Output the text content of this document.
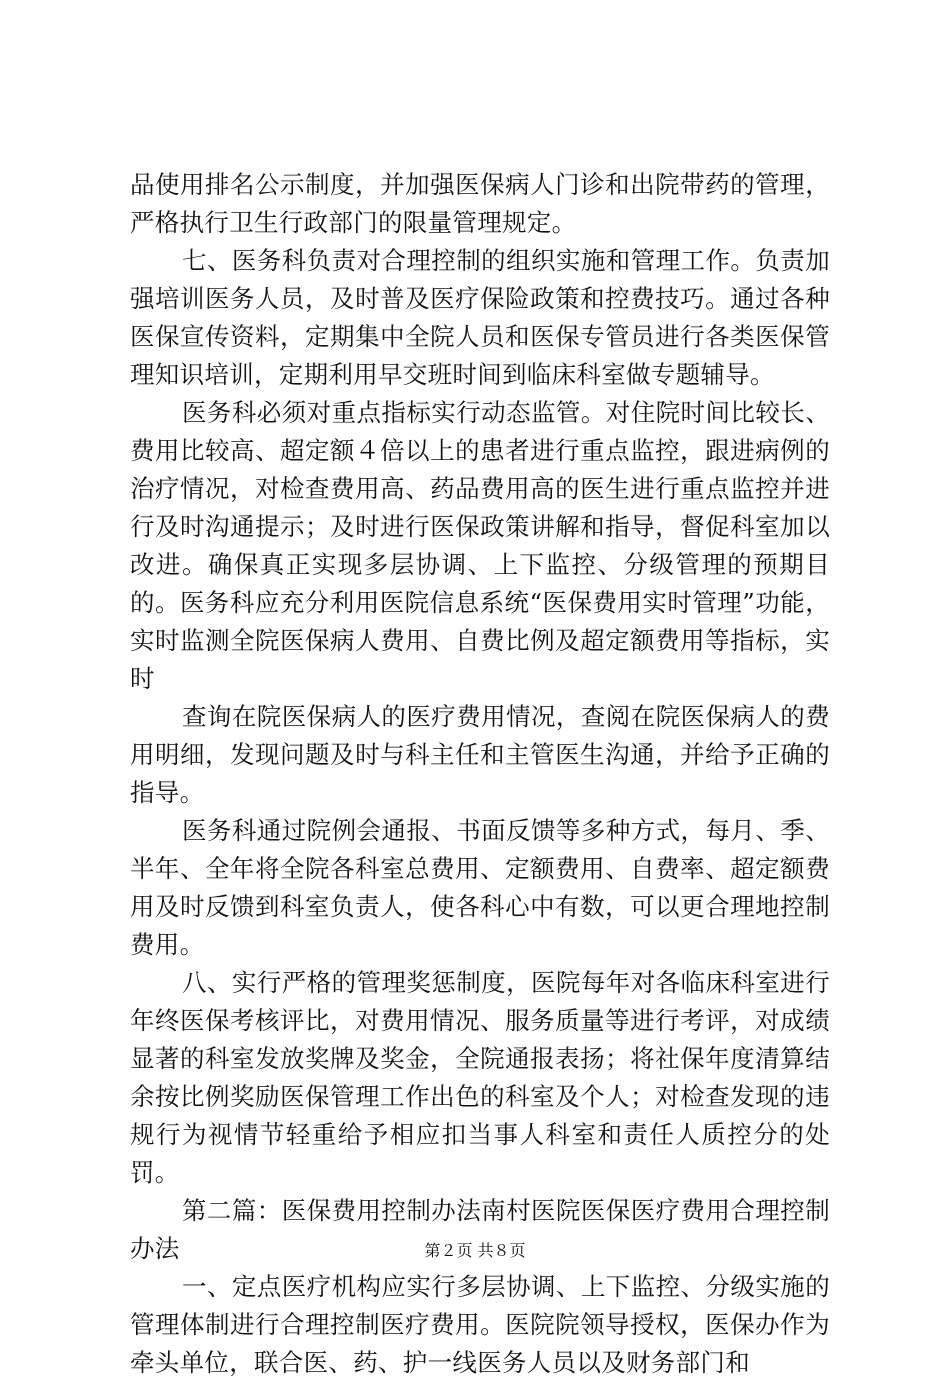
品使用排名公示制度，并加强医保病人门诊和出院带药的管理，严格执行卫生行政部门的限量管理规定。

七、医务科负责对合理控制的组织实施和管理工作。负责加强培训医务人员，及时普及医疗保险政策和控费技巧。通过各种医保宣传资料，定期集中全院人员和医保专管员进行各类医保管理知识培训，定期利用早交班时间到临床科室做专题辅导。

医务科必须对重点指标实行动态监管。对住院时间比较长、费用比较高、超定额４倍以上的患者进行重点监控，跟进病例的治疗情况，对检查费用高、药品费用高的医生进行重点监控并进行及时沟通提示；及时进行医保政策讲解和指导，督促科室加以改进。确保真正实现多层协调、上下监控、分级管理的预期目的。医务科应充分利用医院信息系统“医保费用实时管理”功能，实时监测全院医保病人费用、自费比例及超定额费用等指标，实时

查询在院医保病人的医疗费用情况，查阅在院医保病人的费用明细，发现问题及时与科主任和主管医生沟通，并给予正确的指导。

医务科通过院例会通报、书面反馈等多种方式，每月、季、半年、全年将全院各科室总费用、定额费用、自费率、超定额费用及时反馈到科室负责人，使各科心中有数，可以更合理地控制费用。

八、实行严格的管理奖惩制度，医院每年对各临床科室进行年终医保考核评比，对费用情况、服务质量等进行考评，对成绩显著的科室发放奖牌及奖金，全院通报表扬；将社保年度清算结余按比例奖励医保管理工作出色的科室及个人；对检查发现的违规行为视情节轻重给予相应扣当事人科室和责任人质控分的处罚。

第二篇：医保费用控制办法南村医院医保医疗费用合理控制办法

一、定点医疗机构应实行多层协调、上下监控、分级实施的管理体制进行合理控制医疗费用。医院院领导授权，医保办作为牵头单位，联合医、药、护一线医务人员以及财务部门和

第２页 共８页
